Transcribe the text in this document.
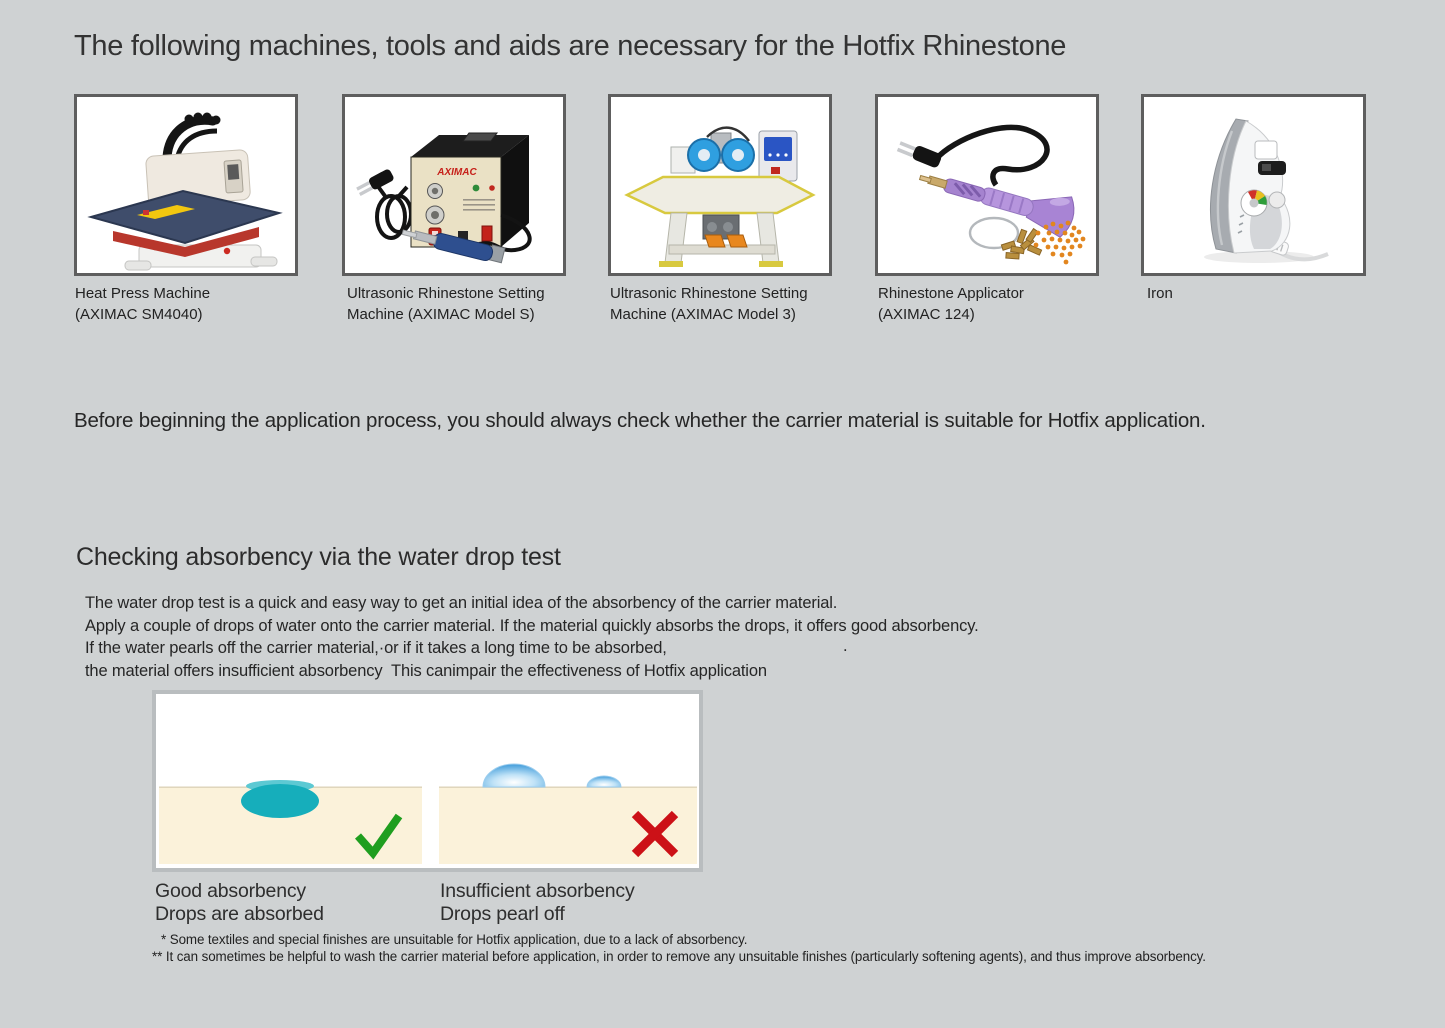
The following machines, tools and aids are necessary for the Hotfix Rhinestone
AXIMAC
Heat Press Machine
(AXIMAC SM4040)
Ultrasonic Rhinestone Setting
Machine (AXIMAC Model S)
Ultrasonic Rhinestone Setting
Machine (AXIMAC Model 3)
Rhinestone Applicator
(AXIMAC 124)
Iron
Before beginning the application process, you should always check whether the carrier material is suitable for Hotfix application.
Checking absorbency via the water drop test
The water drop test is a quick and easy way to get an initial idea of the absorbency of the carrier material.
Apply a couple of drops of water onto the carrier material. If the material quickly absorbs the drops, it offers good absorbency.
If the water pearls off the carrier material,·or if it takes a long time to be absorbed,
the material offers insufficient absorbency  This canimpair the effectiveness of Hotfix application
.
Good absorbency
Drops are absorbed
Insufficient absorbency
Drops pearl off
* Some textiles and special finishes are unsuitable for Hotfix application, due to a lack of absorbency.
** It can sometimes be helpful to wash the carrier material before application, in order to remove any unsuitable finishes (particularly softening agents), and thus improve absorbency.
